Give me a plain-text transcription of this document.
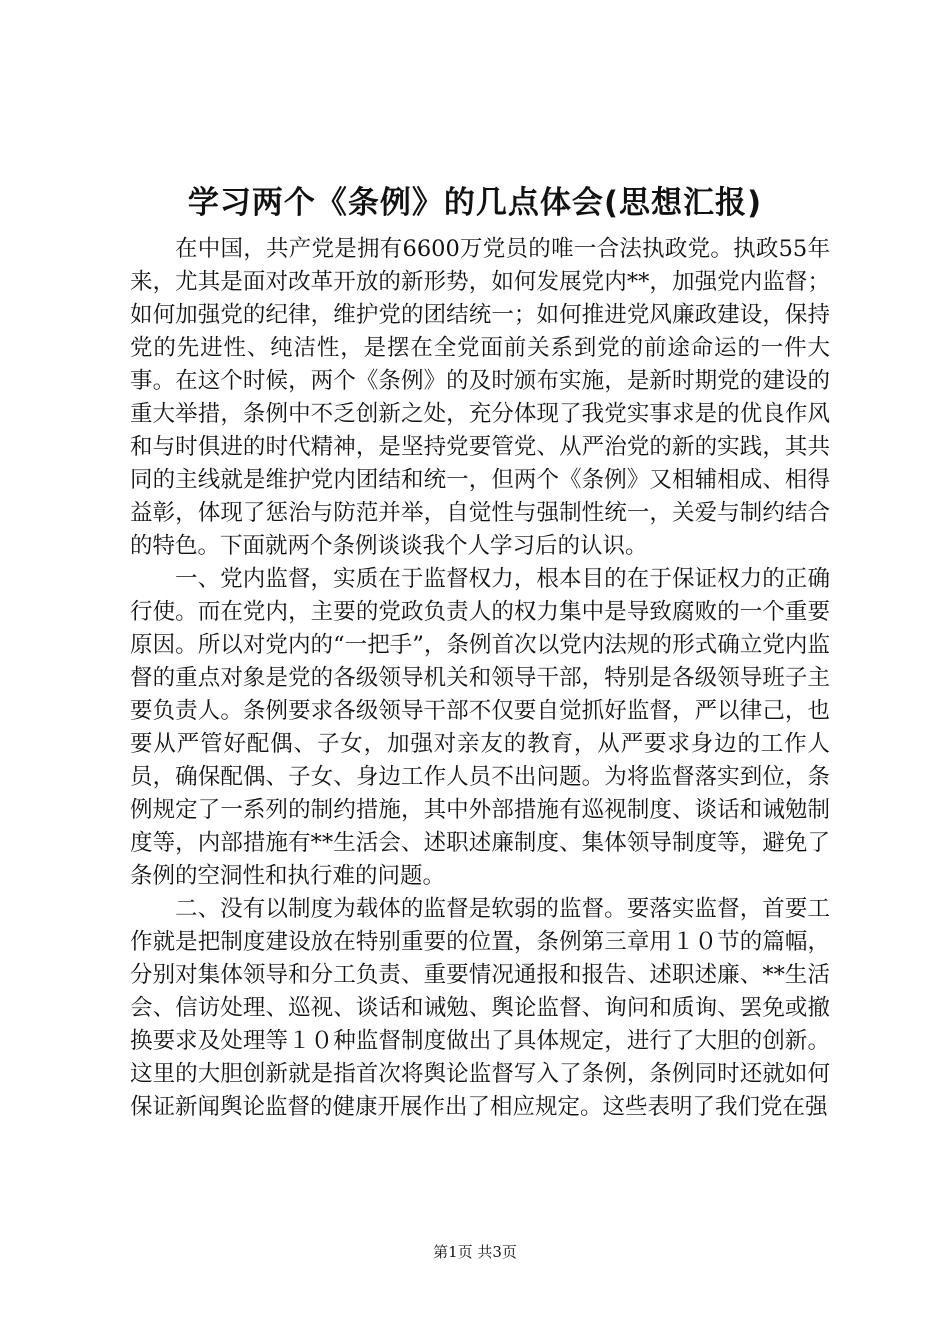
学习两个《条例》的几点体会(思想汇报)

在中国，共产党是拥有6600万党员的唯一合法执政党。执政55年来，尤其是面对改革开放的新形势，如何发展党内**，加强党内监督；如何加强党的纪律，维护党的团结统一；如何推进党风廉政建设，保持党的先进性、纯洁性，是摆在全党面前关系到党的前途命运的一件大事。在这个时候，两个《条例》的及时颁布实施，是新时期党的建设的重大举措，条例中不乏创新之处，充分体现了我党实事求是的优良作风和与时俱进的时代精神，是坚持党要管党、从严治党的新的实践，其共同的主线就是维护党内团结和统一，但两个《条例》又相辅相成、相得益彰，体现了惩治与防范并举，自觉性与强制性统一，关爱与制约结合的特色。下面就两个条例谈谈我个人学习后的认识。

一、党内监督，实质在于监督权力，根本目的在于保证权力的正确行使。而在党内，主要的党政负责人的权力集中是导致腐败的一个重要原因。所以对党内的“一把手”，条例首次以党内法规的形式确立党内监督的重点对象是党的各级领导机关和领导干部，特别是各级领导班子主要负责人。条例要求各级领导干部不仅要自觉抓好监督，严以律己，也要从严管好配偶、子女，加强对亲友的教育，从严要求身边的工作人员，确保配偶、子女、身边工作人员不出问题。为将监督落实到位，条例规定了一系列的制约措施，其中外部措施有巡视制度、谈话和诫勉制度等，内部措施有**生活会、述职述廉制度、集体领导制度等，避免了条例的空洞性和执行难的问题。

二、没有以制度为载体的监督是软弱的监督。要落实监督，首要工作就是把制度建设放在特别重要的位置，条例第三章用１０节的篇幅，分别对集体领导和分工负责、重要情况通报和报告、述职述廉、**生活会、信访处理、巡视、谈话和诫勉、舆论监督、询问和质询、罢免或撤换要求及处理等１０种监督制度做出了具体规定，进行了大胆的创新。这里的大胆创新就是指首次将舆论监督写入了条例，条例同时还就如何保证新闻舆论监督的健康开展作出了相应规定。这些表明了我们党在强

第1页 共3页
